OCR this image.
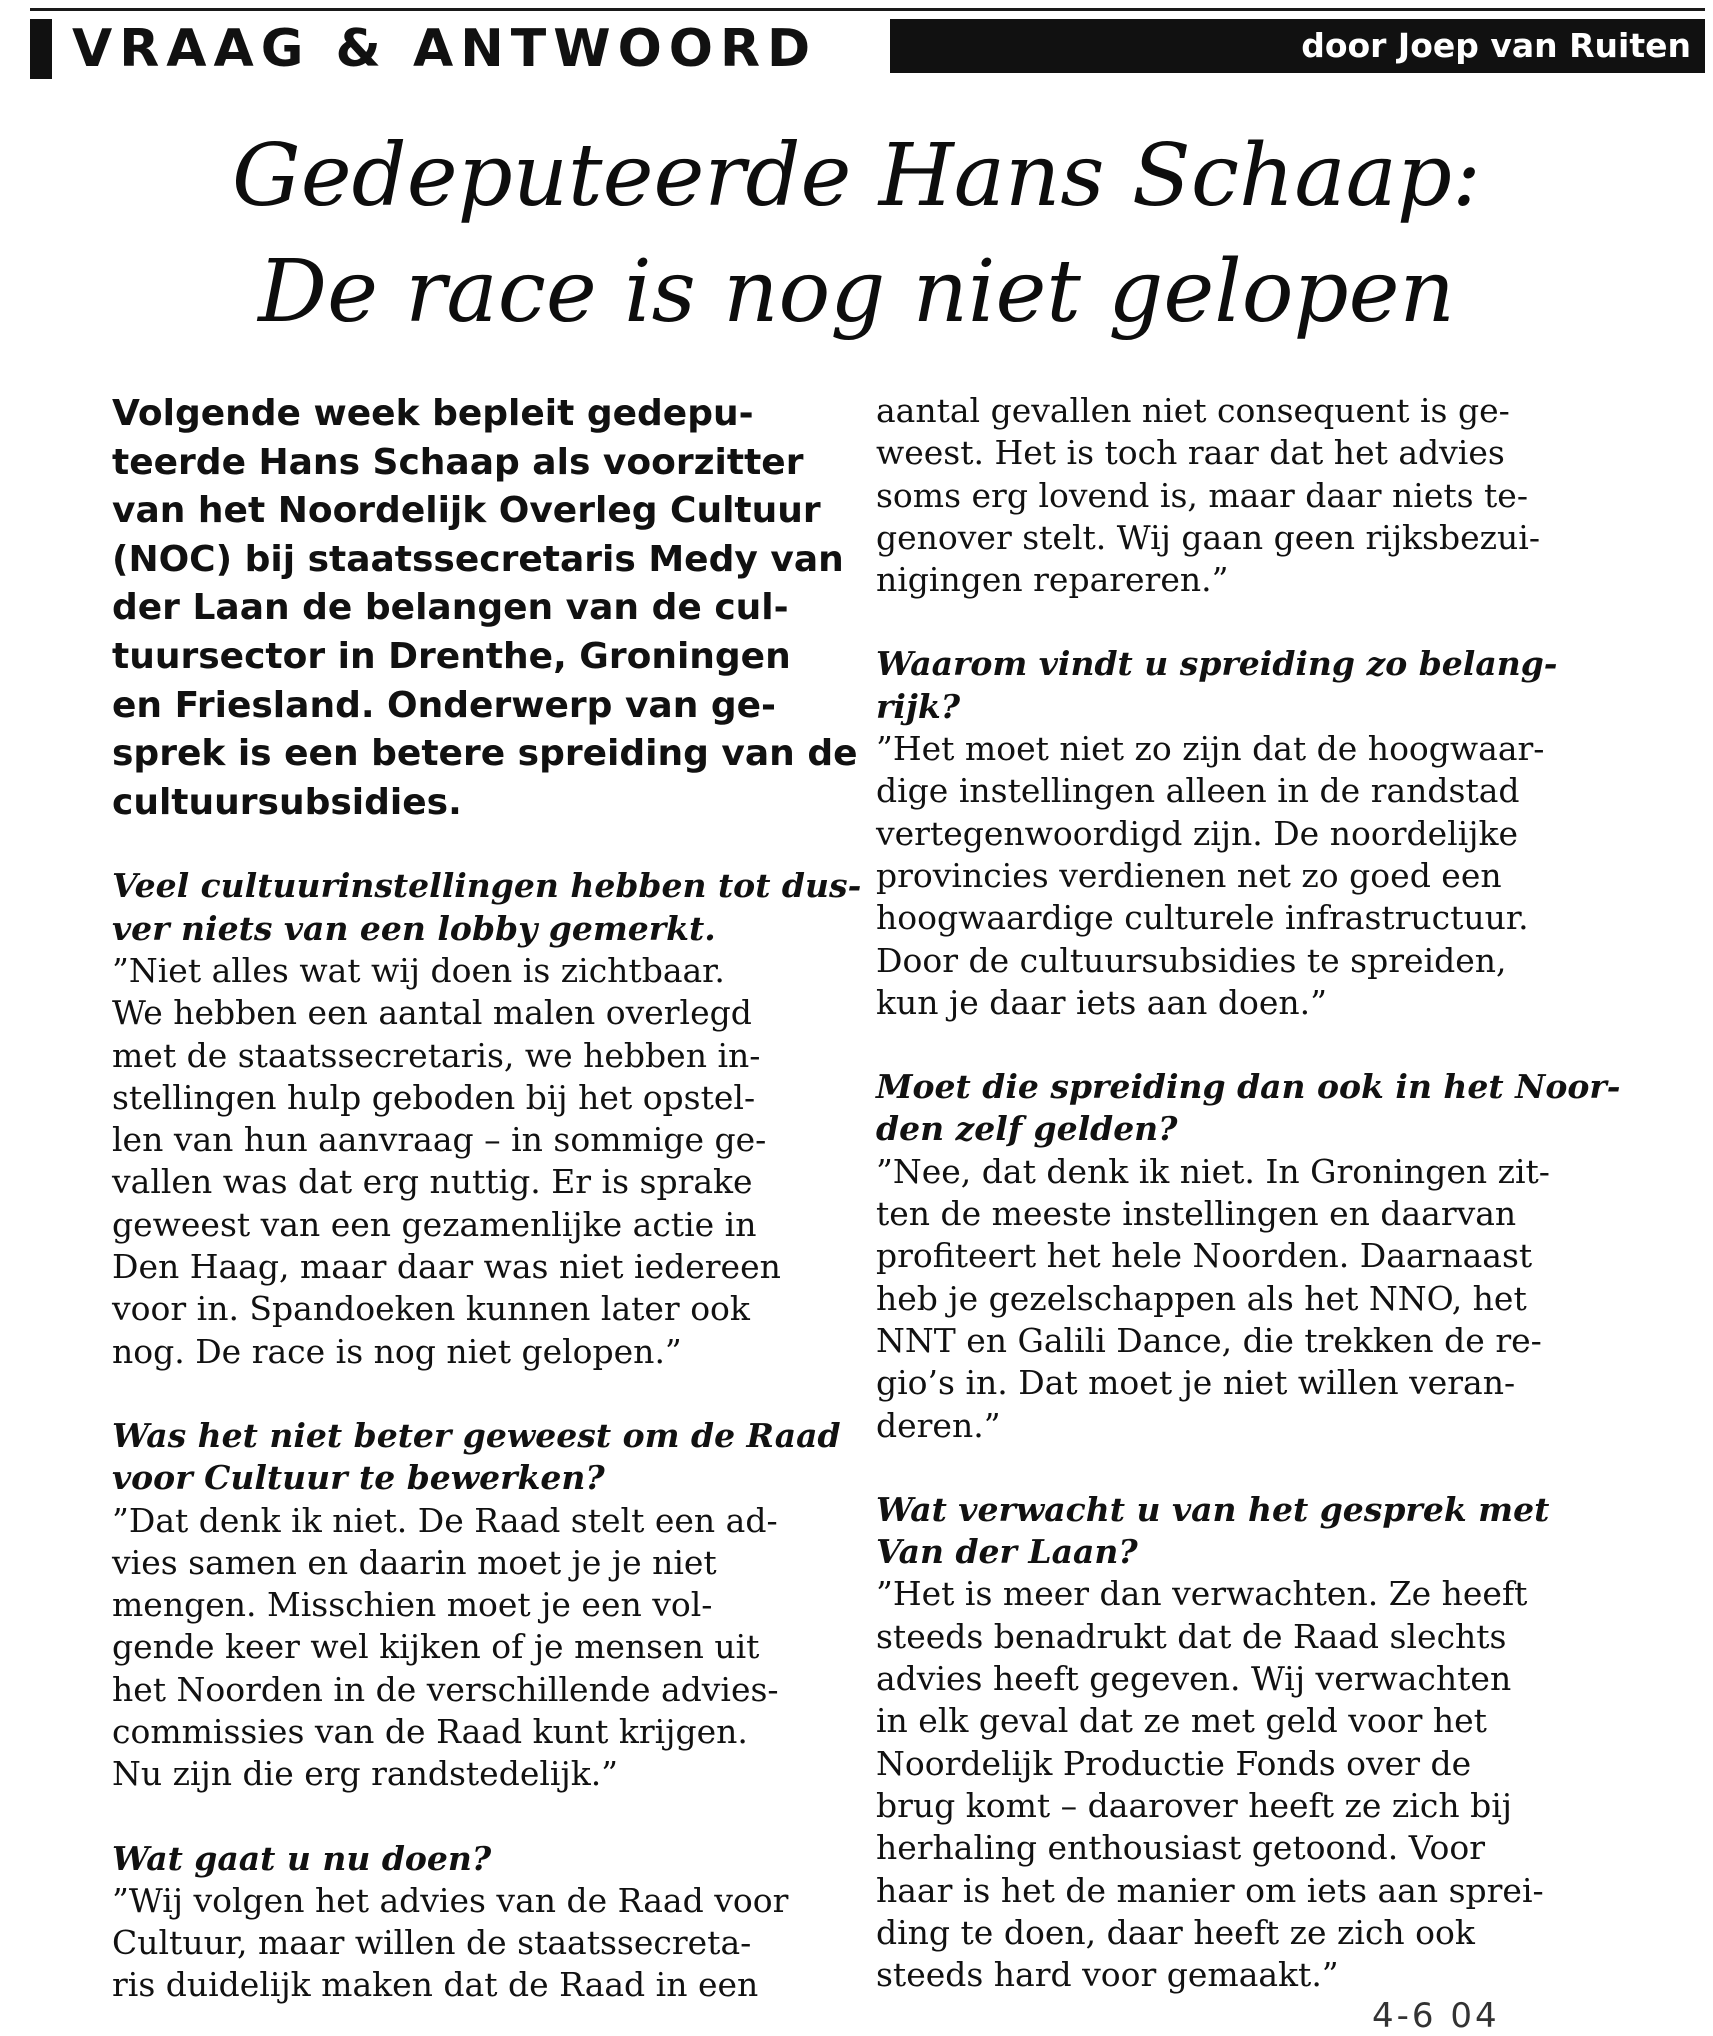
VRAAG & ANTWOORD	door Joep van Ruiten
Gedeputeerde Hans Schaap:
De race is nog niet gelopen
Volgende week bepleit gedepu-
teerde Hans Schaap als voorzitter
van het Noordelijk Overleg Cultuur
(NOC) bij staatssecretaris Medy van
der Laan de belangen van de cul-
tuursector in Drenthe, Groningen
en Friesland. Onderwerp van ge-
sprek is een betere spreiding van de
cultuursubsidies.
Veel cultuurinstellingen hebben tot dus-
ver niets van een lobby gemerkt.
”Niet alles wat wij doen is zichtbaar.
We hebben een aantal malen overlegd
met de staatssecretaris, we hebben in-
stellingen hulp geboden bij het opstel-
len van hun aanvraag – in sommige ge-
vallen was dat erg nuttig. Er is sprake
geweest van een gezamenlijke actie in
Den Haag, maar daar was niet iedereen
voor in. Spandoeken kunnen later ook
nog. De race is nog niet gelopen.”
Was het niet beter geweest om de Raad
voor Cultuur te bewerken?
”Dat denk ik niet. De Raad stelt een ad-
vies samen en daarin moet je je niet
mengen. Misschien moet je een vol-
gende keer wel kijken of je mensen uit
het Noorden in de verschillende advies-
commissies van de Raad kunt krijgen.
Nu zijn die erg randstedelijk.”
Wat gaat u nu doen?
”Wij volgen het advies van de Raad voor
Cultuur, maar willen de staatssecreta-
ris duidelijk maken dat de Raad in een
aantal gevallen niet consequent is ge-
weest. Het is toch raar dat het advies
soms erg lovend is, maar daar niets te-
genover stelt. Wij gaan geen rijksbezui-
nigingen repareren.”
Waarom vindt u spreiding zo belang-
rijk?
”Het moet niet zo zijn dat de hoogwaar-
dige instellingen alleen in de randstad
vertegenwoordigd zijn. De noordelijke
provincies verdienen net zo goed een
hoogwaardige culturele infrastructuur.
Door de cultuursubsidies te spreiden,
kun je daar iets aan doen.”
Moet die spreiding dan ook in het Noor-
den zelf gelden?
”Nee, dat denk ik niet. In Groningen zit-
ten de meeste instellingen en daarvan
profiteert het hele Noorden. Daarnaast
heb je gezelschappen als het NNO, het
NNT en Galili Dance, die trekken de re-
gio’s in. Dat moet je niet willen veran-
deren.”
Wat verwacht u van het gesprek met
Van der Laan?
”Het is meer dan verwachten. Ze heeft
steeds benadrukt dat de Raad slechts
advies heeft gegeven. Wij verwachten
in elk geval dat ze met geld voor het
Noordelijk Productie Fonds over de
brug komt – daarover heeft ze zich bij
herhaling enthousiast getoond. Voor
haar is het de manier om iets aan sprei-
ding te doen, daar heeft ze zich ook
steeds hard voor gemaakt.”
4-6 04
